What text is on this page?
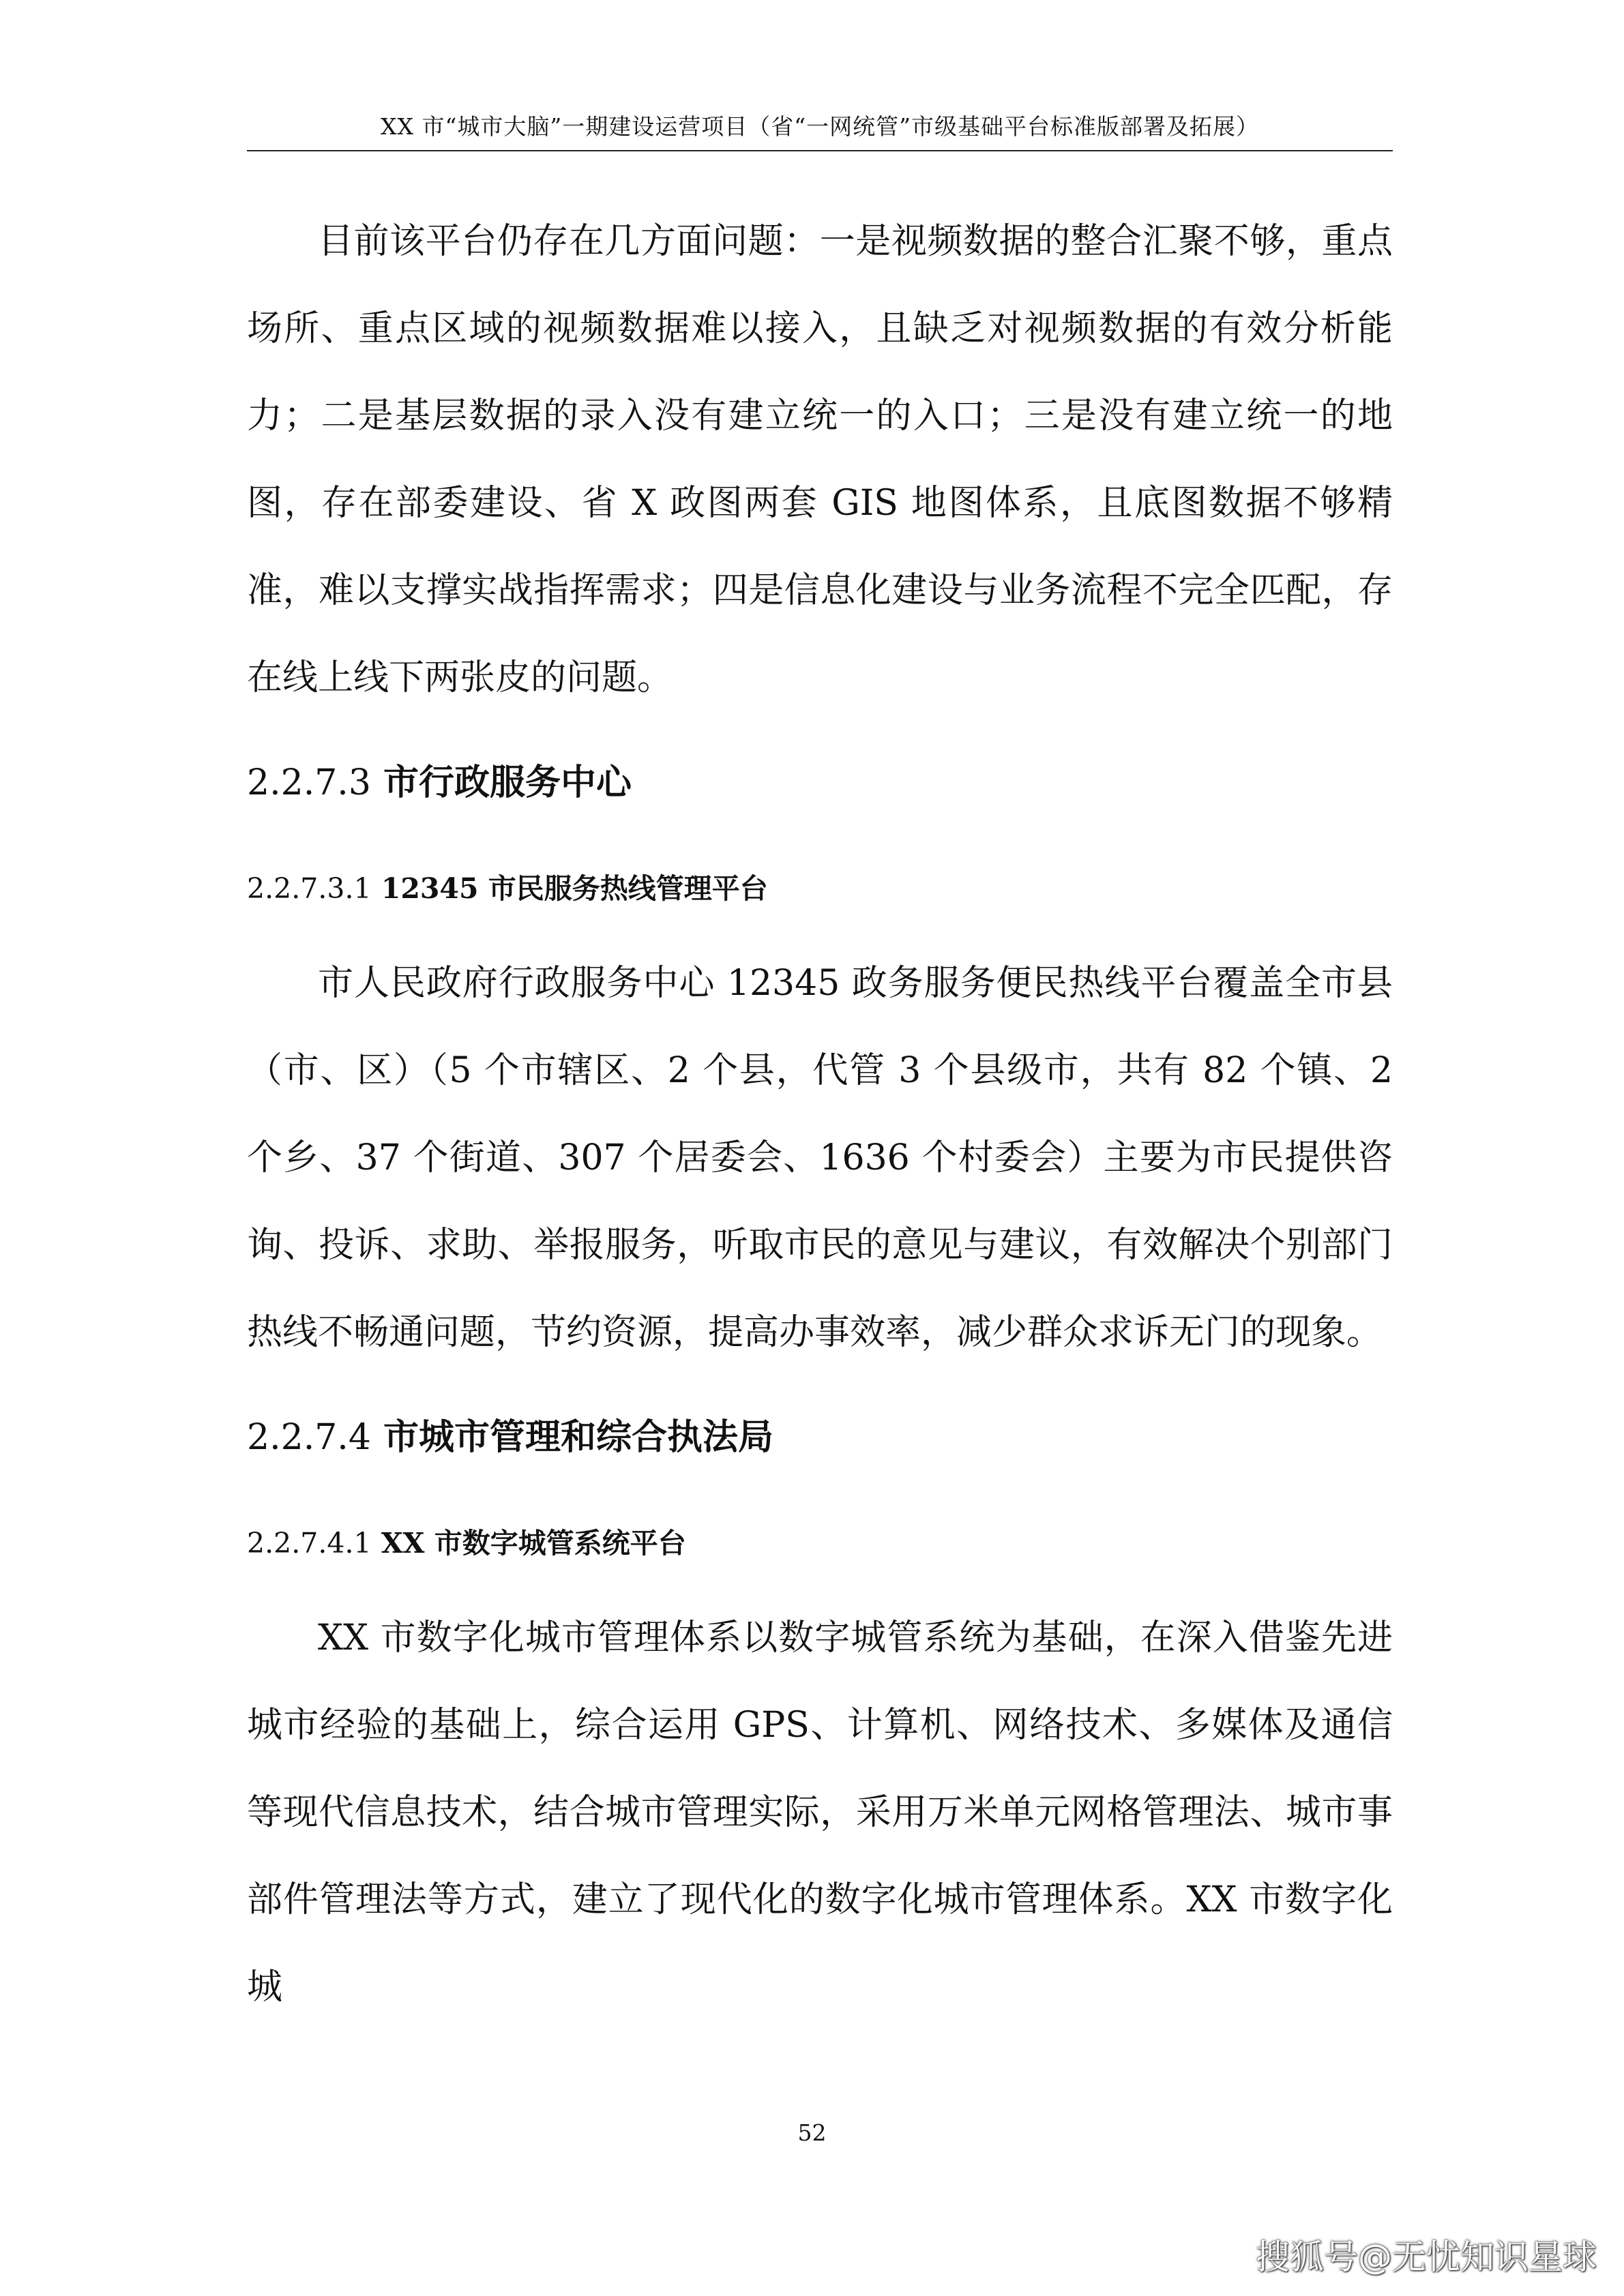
XX 市“城市大脑”一期建设运营项目（省“一网统管”市级基础平台标准版部署及拓展）

目前该平台仍存在几方面问题：一是视频数据的整合汇聚不够，重点场所、重点区域的视频数据难以接入，且缺乏对视频数据的有效分析能力；二是基层数据的录入没有建立统一的入口；三是没有建立统一的地图，存在部委建设、省 X 政图两套 GIS 地图体系，且底图数据不够精准，难以支撑实战指挥需求；四是信息化建设与业务流程不完全匹配，存在线上线下两张皮的问题。

2.2.7.3 市行政服务中心
2.2.7.3.1 12345 市民服务热线管理平台

市人民政府行政服务中心 12345 政务服务便民热线平台覆盖全市县（市、区）（5 个市辖区、2 个县，代管 3 个县级市，共有 82 个镇、2 个乡、37 个街道、307 个居委会、1636 个村委会）主要为市民提供咨询、投诉、求助、举报服务，听取市民的意见与建议，有效解决个别部门热线不畅通问题，节约资源，提高办事效率，减少群众求诉无门的现象。

2.2.7.4 市城市管理和综合执法局
2.2.7.4.1 XX 市数字城管系统平台

XX 市数字化城市管理体系以数字城管系统为基础，在深入借鉴先进城市经验的基础上，综合运用 GPS、计算机、网络技术、多媒体及通信等现代信息技术，结合城市管理实际，采用万米单元网格管理法、城市事部件管理法等方式，建立了现代化的数字化城市管理体系。XX 市数字化城

52
搜狐号@无忧知识星球
